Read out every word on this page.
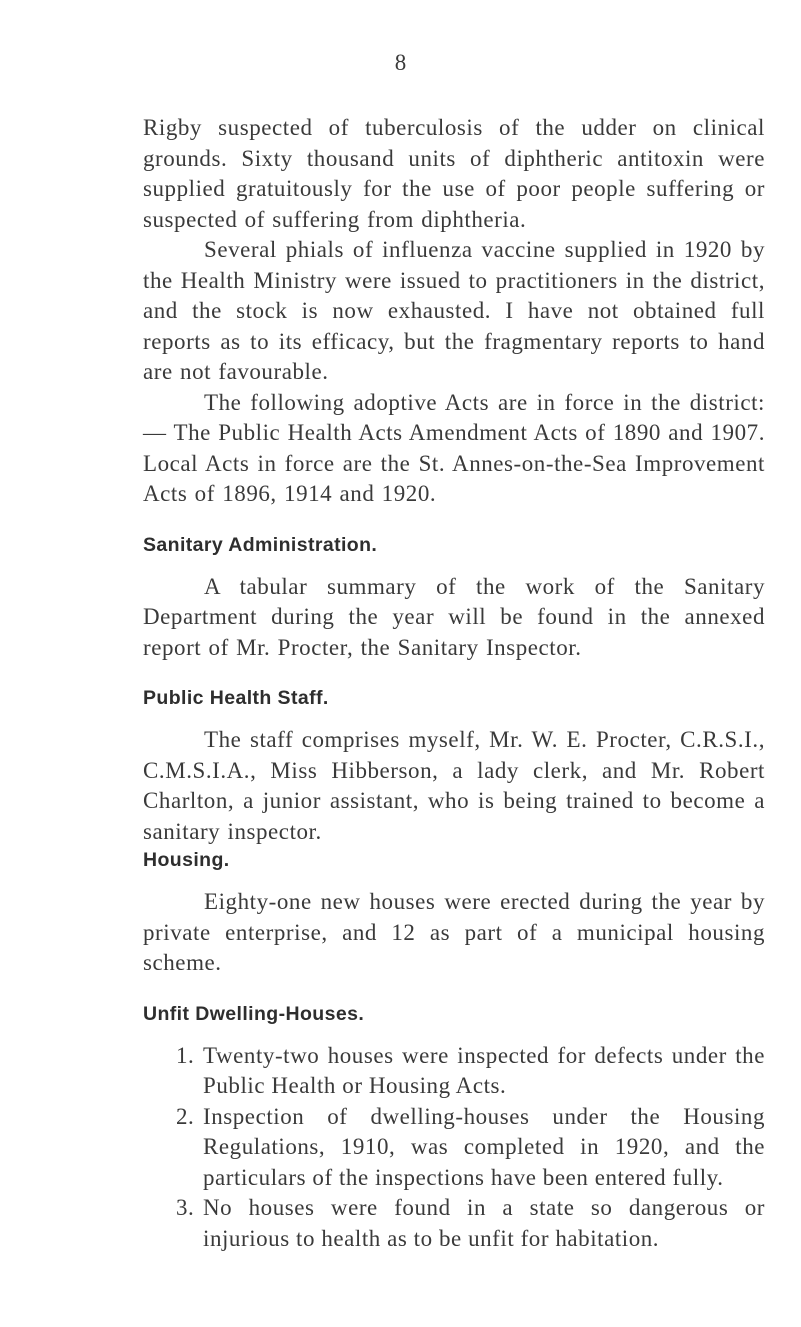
8

Rigby suspected of tuberculosis of the udder on clinical grounds. Sixty thousand units of diphtheric antitoxin were supplied gratuitously for the use of poor people suffering or suspected of suffering from diphtheria.

Several phials of influenza vaccine supplied in 1920 by the Health Ministry were issued to practitioners in the district, and the stock is now exhausted. I have not obtained full reports as to its efficacy, but the fragmentary reports to hand are not favourable.

The following adoptive Acts are in force in the district: — The Public Health Acts Amendment Acts of 1890 and 1907. Local Acts in force are the St. Annes-on-the-Sea Improvement Acts of 1896, 1914 and 1920.

Sanitary Administration.

A tabular summary of the work of the Sanitary Department during the year will be found in the annexed report of Mr. Procter, the Sanitary Inspector.

Public Health Staff.

The staff comprises myself, Mr. W. E. Procter, C.R.S.I., C.M.S.I.A., Miss Hibberson, a lady clerk, and Mr. Robert Charlton, a junior assistant, who is being trained to become a sanitary inspector.

Housing.

Eighty-one new houses were erected during the year by private enterprise, and 12 as part of a municipal housing scheme.

Unfit Dwelling-Houses.
1. Twenty-two houses were inspected for defects under the Public Health or Housing Acts.
2. Inspection of dwelling-houses under the Housing Regulations, 1910, was completed in 1920, and the particulars of the inspections have been entered fully.
3. No houses were found in a state so dangerous or injurious to health as to be unfit for habitation.
